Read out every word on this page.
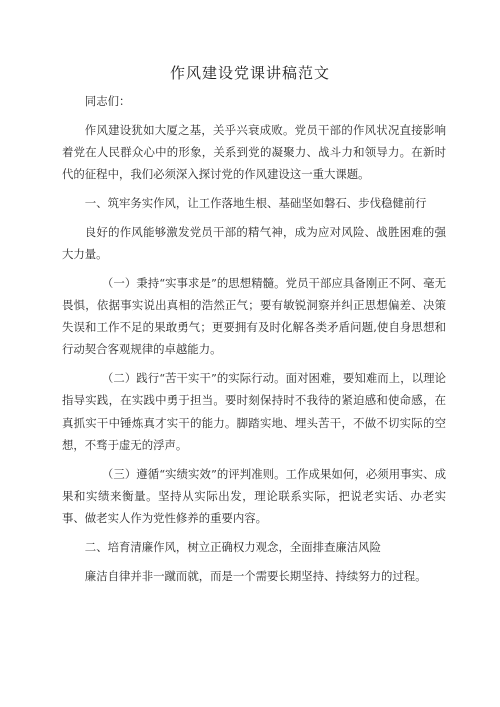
作风建设党课讲稿范文

同志们：

作风建设犹如大厦之基，关乎兴衰成败。党员干部的作风状况直接影响着党在人民群众心中的形象，关系到党的凝聚力、战斗力和领导力。在新时代的征程中，我们必须深入探讨党的作风建设这一重大课题。

一、筑牢务实作风，让工作落地生根、基础坚如磐石、步伐稳健前行

良好的作风能够激发党员干部的精气神，成为应对风险、战胜困难的强大力量。

（一）秉持“实事求是”的思想精髓。党员干部应具备刚正不阿、毫无畏惧，依据事实说出真相的浩然正气；要有敏锐洞察并纠正思想偏差、决策失误和工作不足的果敢勇气；更要拥有及时化解各类矛盾问题,使自身思想和行动契合客观规律的卓越能力。

（二）践行“苦干实干”的实际行动。面对困难，要知难而上，以理论指导实践，在实践中勇于担当。要时刻保持时不我待的紧迫感和使命感，在真抓实干中锤炼真才实干的能力。脚踏实地、埋头苦干，不做不切实际的空想，不骛于虚无的浮声。

（三）遵循“实绩实效”的评判准则。工作成果如何，必须用事实、成果和实绩来衡量。坚持从实际出发，理论联系实际，把说老实话、办老实事、做老实人作为党性修养的重要内容。

二、培育清廉作风，树立正确权力观念，全面排查廉洁风险

廉洁自律并非一蹴而就，而是一个需要长期坚持、持续努力的过程。
